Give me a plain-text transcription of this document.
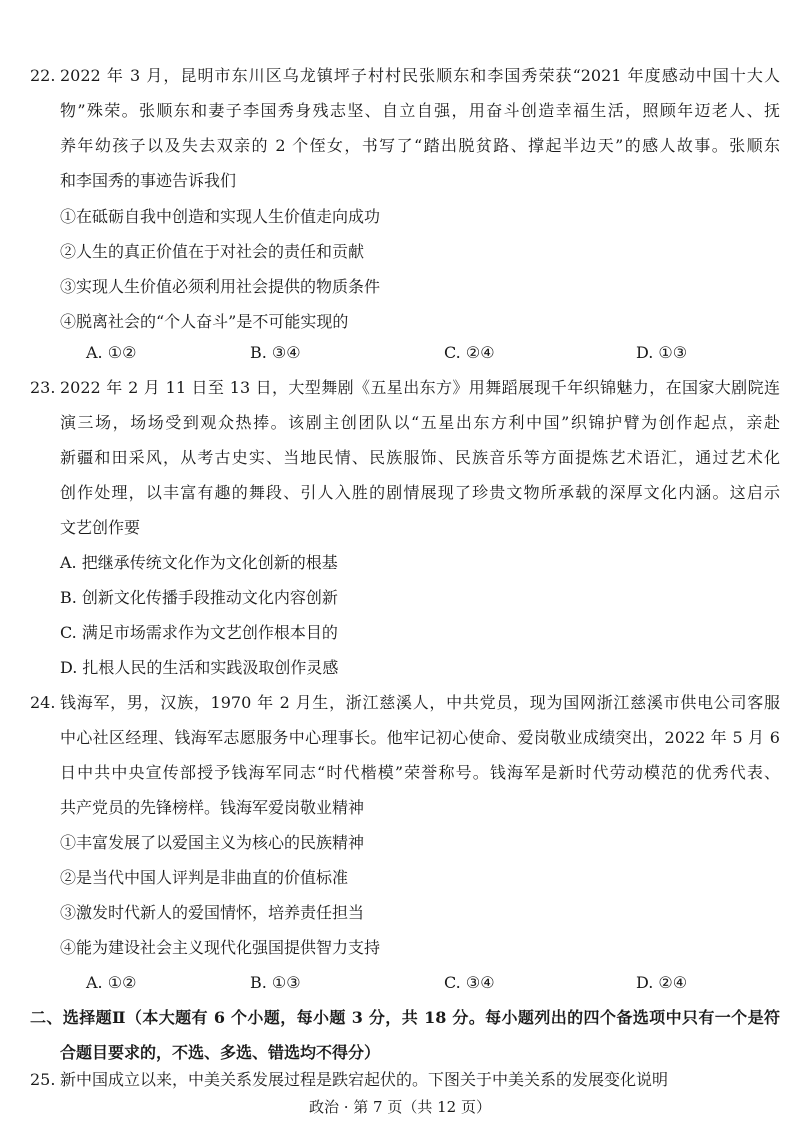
22. 2022 年 3 月，昆明市东川区乌龙镇坪子村村民张顺东和李国秀荣获“2021 年度感动中国十大人
物”殊荣。张顺东和妻子李国秀身残志坚、自立自强，用奋斗创造幸福生活，照顾年迈老人、抚
养年幼孩子以及失去双亲的 2 个侄女，书写了“踏出脱贫路、撑起半边天”的感人故事。张顺东
和李国秀的事迹告诉我们
①在砥砺自我中创造和实现人生价值走向成功
②人生的真正价值在于对社会的责任和贡献
③实现人生价值必须利用社会提供的物质条件
④脱离社会的“个人奋斗”是不可能实现的
A. ①②	B. ③④	C. ②④	D. ①③
23. 2022 年 2 月 11 日至 13 日，大型舞剧《五星出东方》用舞蹈展现千年织锦魅力，在国家大剧院连
演三场，场场受到观众热捧。该剧主创团队以“五星出东方利中国”织锦护臂为创作起点，亲赴
新疆和田采风，从考古史实、当地民情、民族服饰、民族音乐等方面提炼艺术语汇，通过艺术化
创作处理，以丰富有趣的舞段、引人入胜的剧情展现了珍贵文物所承载的深厚文化内涵。这启示
文艺创作要
A. 把继承传统文化作为文化创新的根基
B. 创新文化传播手段推动文化内容创新
C. 满足市场需求作为文艺创作根本目的
D. 扎根人民的生活和实践汲取创作灵感
24. 钱海军，男，汉族，1970 年 2 月生，浙江慈溪人，中共党员，现为国网浙江慈溪市供电公司客服
中心社区经理、钱海军志愿服务中心理事长。他牢记初心使命、爱岗敬业成绩突出，2022 年 5 月 6
日中共中央宣传部授予钱海军同志“时代楷模”荣誉称号。钱海军是新时代劳动模范的优秀代表、
共产党员的先锋榜样。钱海军爱岗敬业精神
①丰富发展了以爱国主义为核心的民族精神
②是当代中国人评判是非曲直的价值标准
③激发时代新人的爱国情怀，培养责任担当
④能为建设社会主义现代化强国提供智力支持
A. ①②	B. ①③	C. ③④	D. ②④
二、选择题Ⅱ（本大题有 6 个小题，每小题 3 分，共 18 分。每小题列出的四个备选项中只有一个是符
合题目要求的，不选、多选、错选均不得分）
25. 新中国成立以来，中美关系发展过程是跌宕起伏的。下图关于中美关系的发展变化说明
政治 · 第 7 页（共 12 页）
